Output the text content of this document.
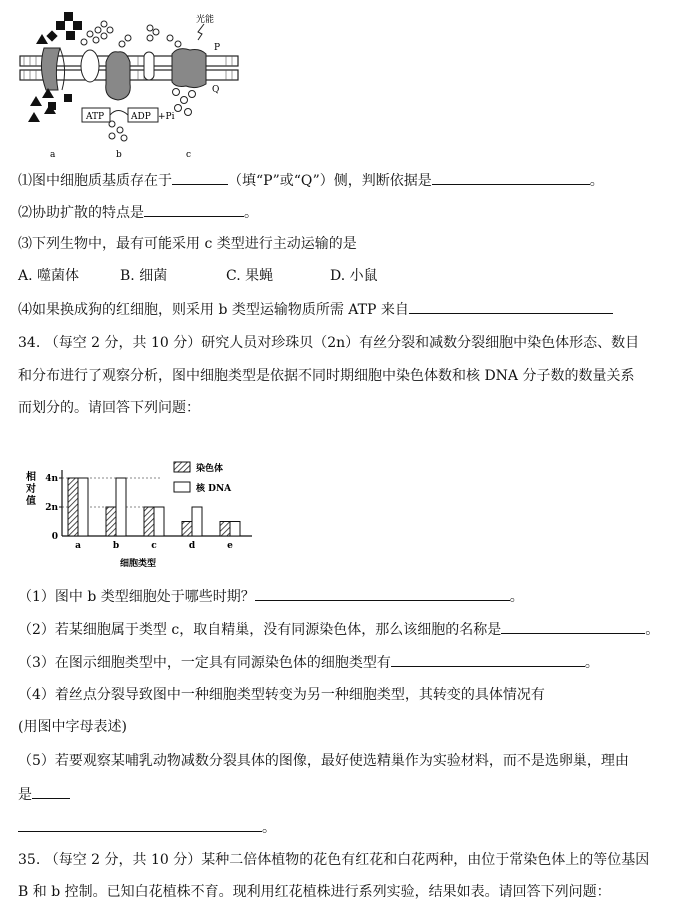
光能
P
Q
ATP	ADP +Pi
a	b	c
⑴图中细胞质基质存在于	（填“P”或“Q”）侧，判断依据是	。
⑵协助扩散的特点是	。
⑶下列生物中，最有可能采用 c 类型进行主动运输的是
A. 噬菌体	B. 细菌	C. 果蝇	D. 小鼠
⑷如果换成狗的红细胞，则采用 b 类型运输物质所需 ATP 来自
34. （每空 2 分，共 10 分）研究人员对珍珠贝（2n）有丝分裂和减数分裂细胞中染色体形态、数目
和分布进行了观察分析，图中细胞类型是依据不同时期细胞中染色体数和核 DNA 分子数的数量关系
而划分的。请回答下列问题：
相
对
值
4n
2n
0
a	b	c	d	e
细胞类型
染色体
核 DNA
（1）图中 b 类型细胞处于哪些时期？	。
（2）若某细胞属于类型 c，取自精巢，没有同源染色体，那么该细胞的名称是	。
（3）在图示细胞类型中，一定具有同源染色体的细胞类型有	。
（4）着丝点分裂导致图中一种细胞类型转变为另一种细胞类型，其转变的具体情况有
(用图中字母表述)
（5）若要观察某哺乳动物减数分裂具体的图像，最好使选精巢作为实验材料，而不是选卵巢，理由
是
。
35. （每空 2 分，共 10 分）某种二倍体植物的花色有红花和白花两种，由位于常染色体上的等位基因
B 和 b 控制。已知白花植株不育。现利用红花植株进行系列实验，结果如表。请回答下列问题：
